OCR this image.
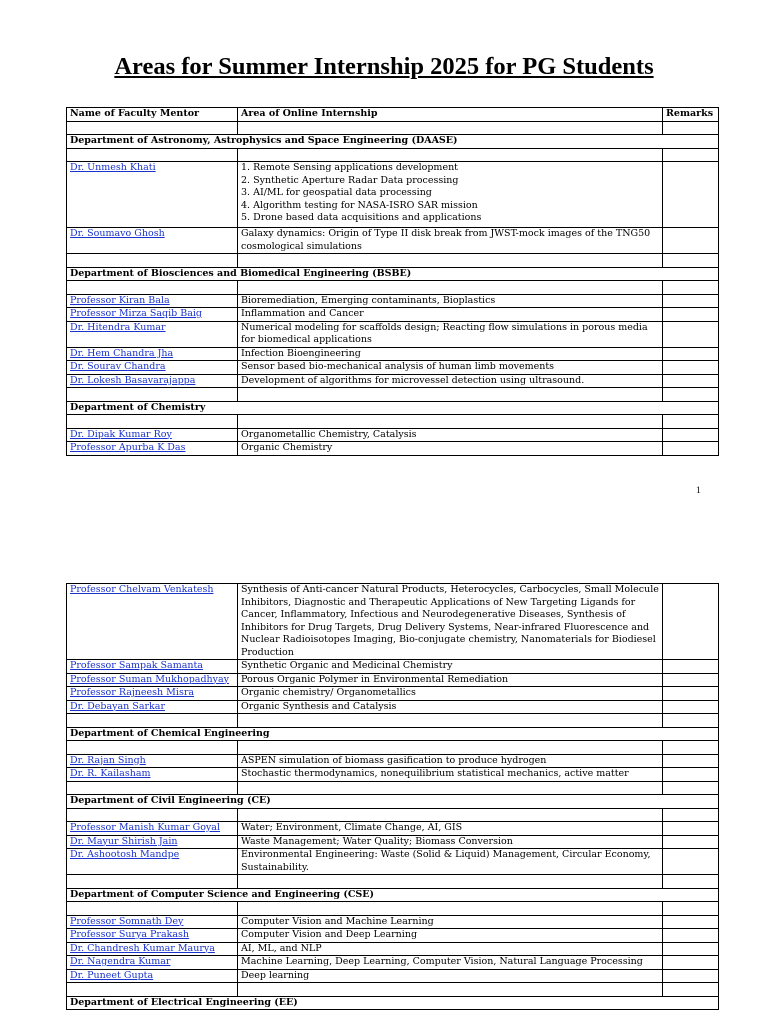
Areas for Summer Internship 2025 for PG Students
Name of Faculty Mentor	Area of Online Internship	Remarks

Department of Astronomy, Astrophysics and Space Engineering (DAASE)		

Dr. Unmesh Khati	1. Remote Sensing applications development
2. Synthetic Aperture Radar Data processing
3. AI/ML for geospatial data processing
4. Algorithm testing for NASA-ISRO SAR mission
5. Drone based data acquisitions and applications	

Dr. Soumavo Ghosh	Galaxy dynamics: Origin of Type II disk break from JWST-mock images of the TNG50 cosmological simulations	

Department of Biosciences and Biomedical Engineering (BSBE)		

Professor Kiran Bala	Bioremediation, Emerging contaminants, Bioplastics	
Professor Mirza Saqib Baig	Inflammation and Cancer	
Dr. Hitendra Kumar	Numerical modeling for scaffolds design; Reacting flow simulations in porous media for biomedical applications	
Dr. Hem Chandra Jha	Infection Bioengineering	
Dr. Sourav Chandra	Sensor based bio-mechanical analysis of human limb movements	
Dr. Lokesh Basavarajappa	Development of algorithms for microvessel detection using ultrasound.	

Department of Chemistry		

Dr. Dipak Kumar Roy	Organometallic Chemistry, Catalysis	
Professor Apurba K Das	Organic Chemistry	
1
Professor Chelvam Venkatesh	Synthesis of Anti-cancer Natural Products, Heterocycles, Carbocycles, Small Molecule Inhibitors, Diagnostic and Therapeutic Applications of New Targeting Ligands for Cancer, Inflammatory, Infectious and Neurodegenerative Diseases, Synthesis of Inhibitors for Drug Targets, Drug Delivery Systems, Near-infrared Fluorescence and Nuclear Radioisotopes Imaging, Bio-conjugate chemistry, Nanomaterials for Biodiesel Production	
Professor Sampak Samanta	Synthetic Organic and Medicinal Chemistry	
Professor Suman Mukhopadhyay	Porous Organic Polymer in Environmental Remediation	
Professor Rajneesh Misra	Organic chemistry/ Organometallics	
Dr. Debayan Sarkar	Organic Synthesis and Catalysis	

Department of Chemical Engineering		

Dr. Rajan Singh	ASPEN simulation of biomass gasification to produce hydrogen	
Dr. R. Kailasham	Stochastic thermodynamics, nonequilibrium statistical mechanics, active matter	

Department of Civil Engineering (CE)		

Professor Manish Kumar Goyal	Water; Environment, Climate Change, AI, GIS	
Dr. Mayur Shirish Jain	Waste Management; Water Quality; Biomass Conversion	
Dr. Ashootosh Mandpe	Environmental Engineering: Waste (Solid & Liquid) Management, Circular Economy, Sustainability.	

Department of Computer Science and Engineering (CSE)		

Professor Somnath Dey	Computer Vision and Machine Learning	
Professor Surya Prakash	Computer Vision and Deep Learning	
Dr. Chandresh Kumar Maurya	AI, ML, and NLP	
Dr. Nagendra Kumar	Machine Learning, Deep Learning, Computer Vision, Natural Language Processing	
Dr. Puneet Gupta	Deep learning	

Department of Electrical Engineering (EE)		
